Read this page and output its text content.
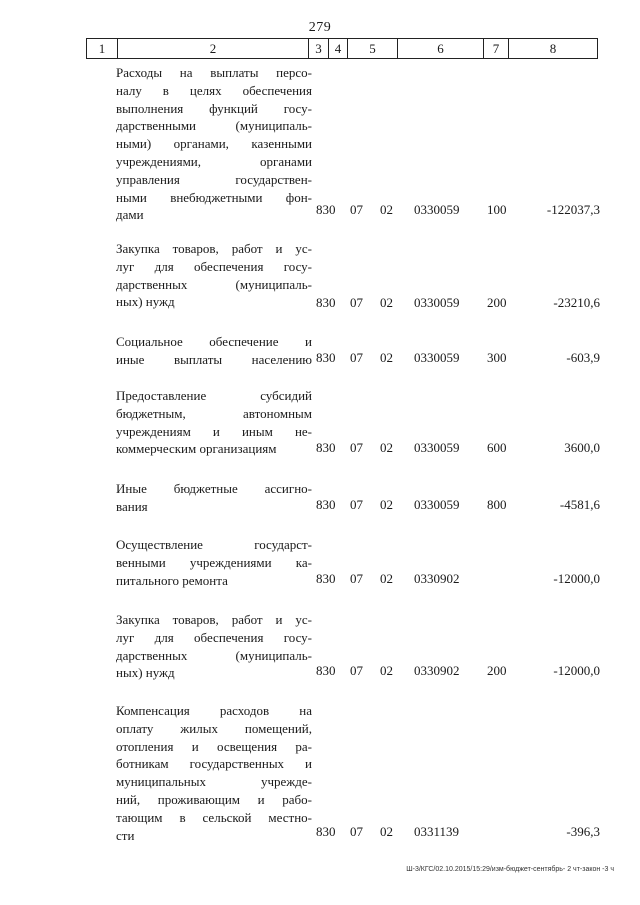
279
1	2	3	4	5	6	7	8
Расходы на выплаты персо-
налу в целях обеспечения
выполнения функций госу-
дарственными (муниципаль-
ными) органами, казенными
учреждениями, органами
управления государствен-
ными внебюджетными фон-
дами	830 07 02 0330059 100	-122037,3
Закупка товаров, работ и ус-
луг для обеспечения госу-
дарственных (муниципаль-
ных) нужд	830 07 02 0330059 200	-23210,6
Социальное обеспечение и
иные выплаты населению 830 07 02 0330059 300	-603,9
Предоставление субсидий
бюджетным, автономным
учреждениям и иным не-
коммерческим организациям	830 07 02 0330059 600	3600,0
Иные бюджетные ассигно-
вания	830 07 02 0330059 800	-4581,6
Осуществление государст-
венными учреждениями ка-
питального ремонта	830 07 02 0330902	-12000,0
Закупка товаров, работ и ус-
луг для обеспечения госу-
дарственных (муниципаль-
ных) нужд	830 07 02 0330902 200	-12000,0
Компенсация расходов на
оплату жилых помещений,
отопления и освещения ра-
ботникам государственных и
муниципальных учрежде-
ний, проживающим и рабо-
тающим в сельской местно-
сти	830 07 02 0331139	-396,3
Ш-3/КГС/02.10.2015/15:29/изм-бюджет-сентябрь- 2 чт-закон -3 ч
